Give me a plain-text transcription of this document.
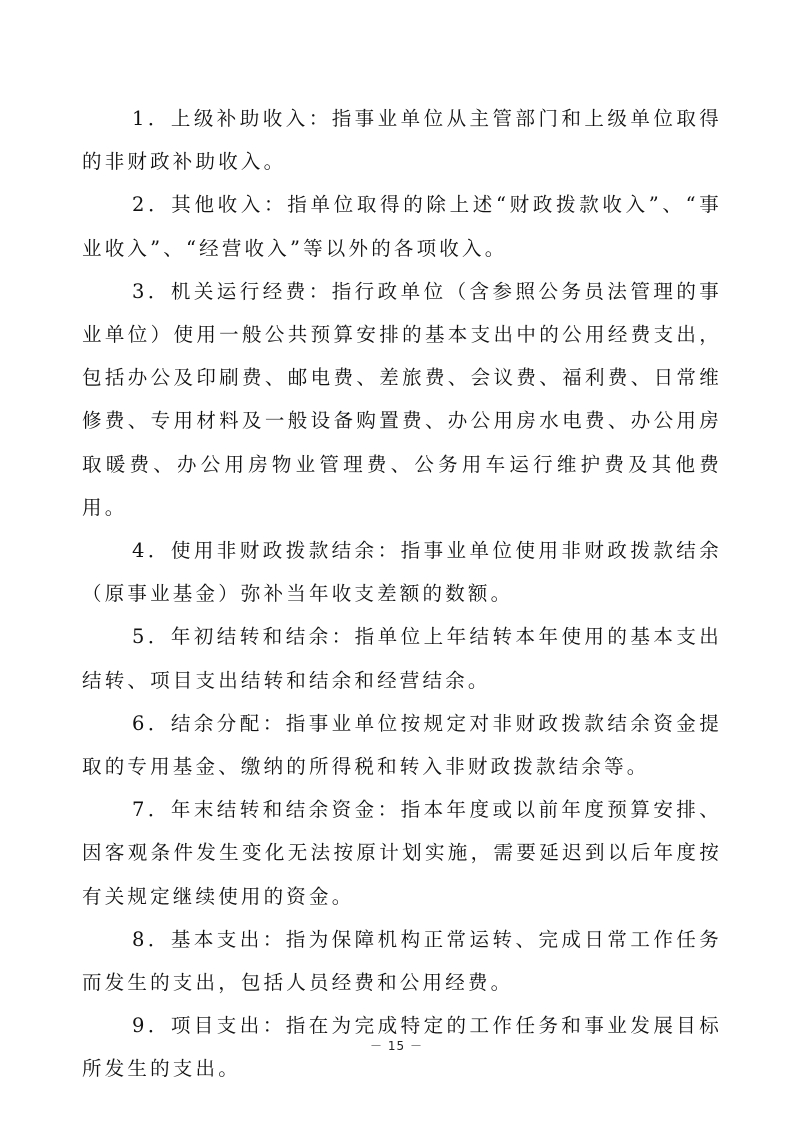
1．上级补助收入：指事业单位从主管部门和上级单位取得的非财政补助收入。

2．其他收入：指单位取得的除上述“财政拨款收入”、“事业收入”、“经营收入”等以外的各项收入。

3．机关运行经费：指行政单位（含参照公务员法管理的事业单位）使用一般公共预算安排的基本支出中的公用经费支出，包括办公及印刷费、邮电费、差旅费、会议费、福利费、日常维修费、专用材料及一般设备购置费、办公用房水电费、办公用房取暖费、办公用房物业管理费、公务用车运行维护费及其他费用。

4．使用非财政拨款结余：指事业单位使用非财政拨款结余（原事业基金）弥补当年收支差额的数额。

5．年初结转和结余：指单位上年结转本年使用的基本支出结转、项目支出结转和结余和经营结余。

6．结余分配：指事业单位按规定对非财政拨款结余资金提取的专用基金、缴纳的所得税和转入非财政拨款结余等。

7．年末结转和结余资金：指本年度或以前年度预算安排、因客观条件发生变化无法按原计划实施，需要延迟到以后年度按有关规定继续使用的资金。

8．基本支出：指为保障机构正常运转、完成日常工作任务而发生的支出，包括人员经费和公用经费。

9．项目支出：指在为完成特定的工作任务和事业发展目标所发生的支出。

－ 15 －
